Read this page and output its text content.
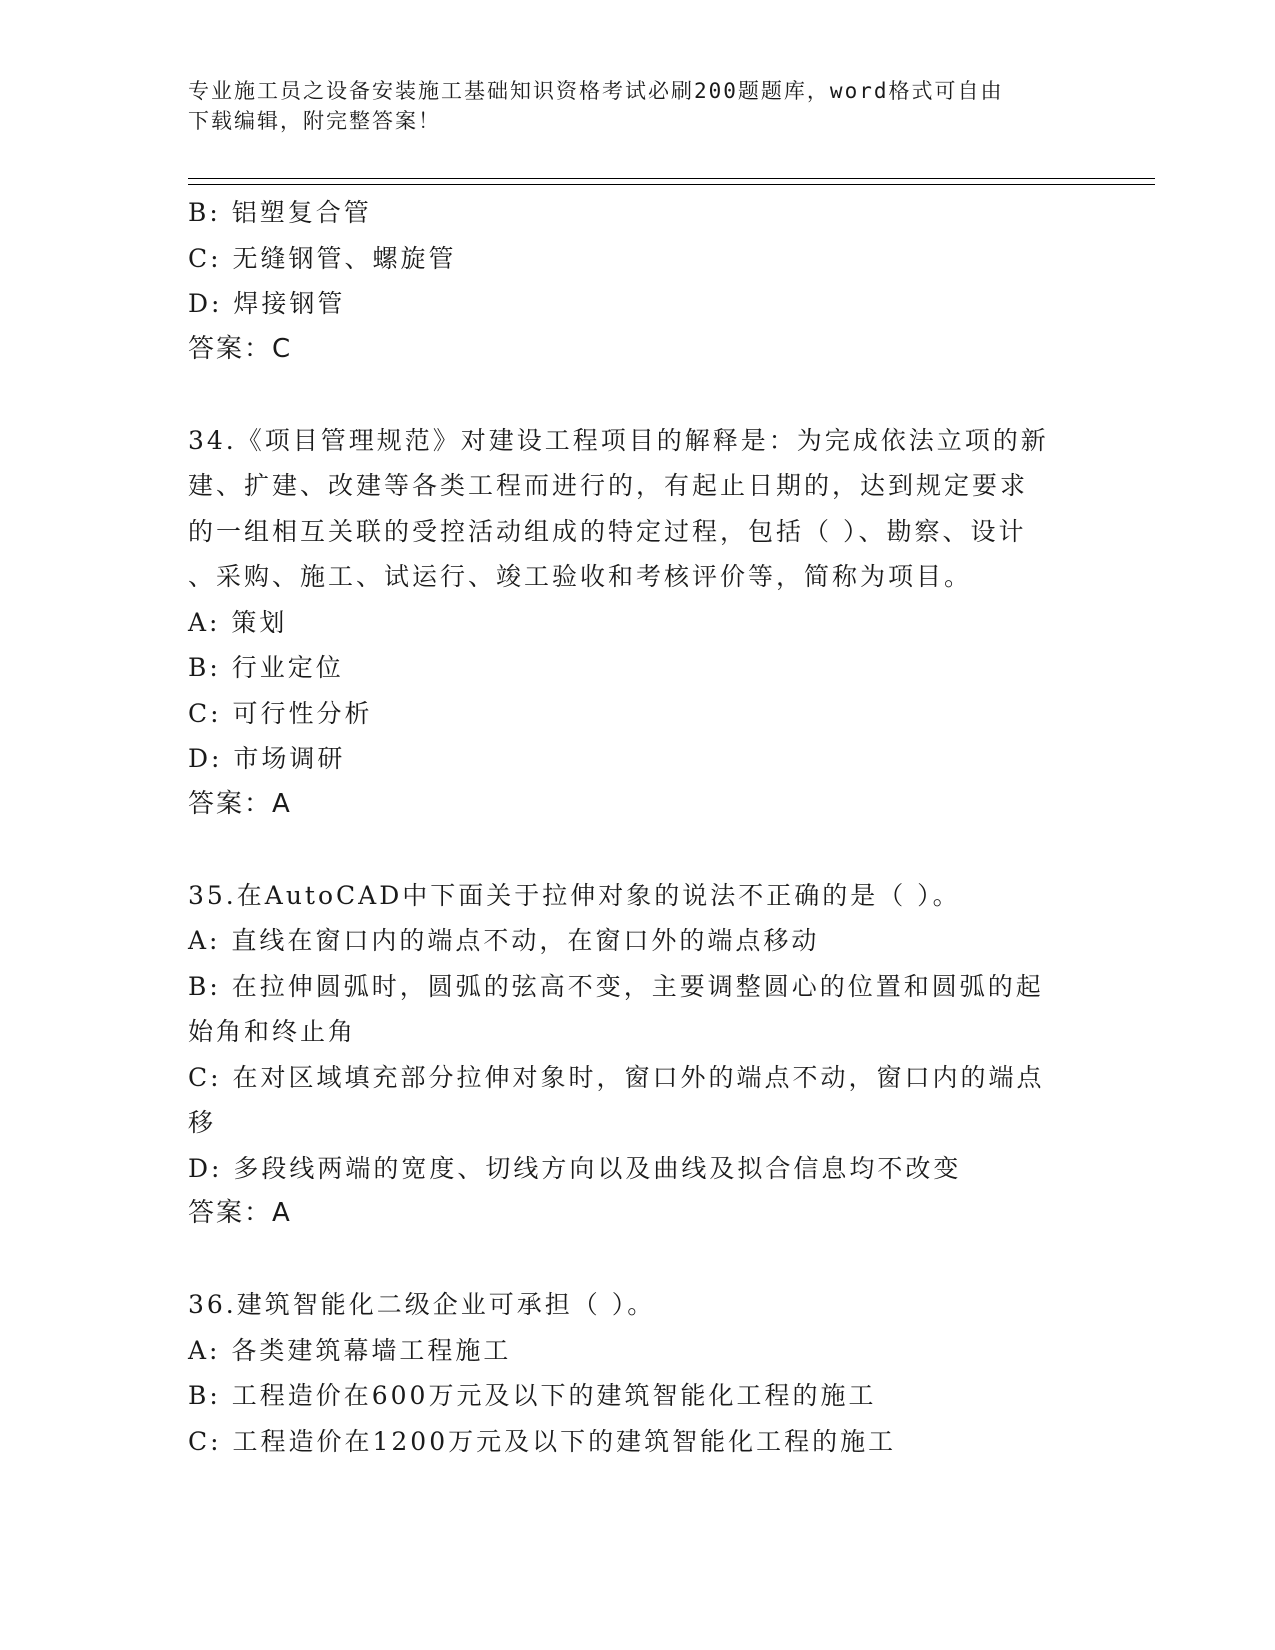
专业施工员之设备安装施工基础知识资格考试必刷200题题库，word格式可自由
下载编辑，附完整答案！
B: 铝塑复合管
C: 无缝钢管、螺旋管
D: 焊接钢管
答案：C
34.《项目管理规范》对建设工程项目的解释是：为完成依法立项的新
建、扩建、改建等各类工程而进行的，有起止日期的，达到规定要求
的一组相互关联的受控活动组成的特定过程，包括（ ）、勘察、设计
、采购、施工、试运行、竣工验收和考核评价等，简称为项目。
A: 策划
B: 行业定位
C: 可行性分析
D: 市场调研
答案：A
35.在AutoCAD中下面关于拉伸对象的说法不正确的是（ ）。
A: 直线在窗口内的端点不动，在窗口外的端点移动
B: 在拉伸圆弧时，圆弧的弦高不变，主要调整圆心的位置和圆弧的起
始角和终止角
C: 在对区域填充部分拉伸对象时，窗口外的端点不动，窗口内的端点
移
D: 多段线两端的宽度、切线方向以及曲线及拟合信息均不改变
答案：A
36.建筑智能化二级企业可承担（ ）。
A: 各类建筑幕墙工程施工
B: 工程造价在600万元及以下的建筑智能化工程的施工
C: 工程造价在1200万元及以下的建筑智能化工程的施工
